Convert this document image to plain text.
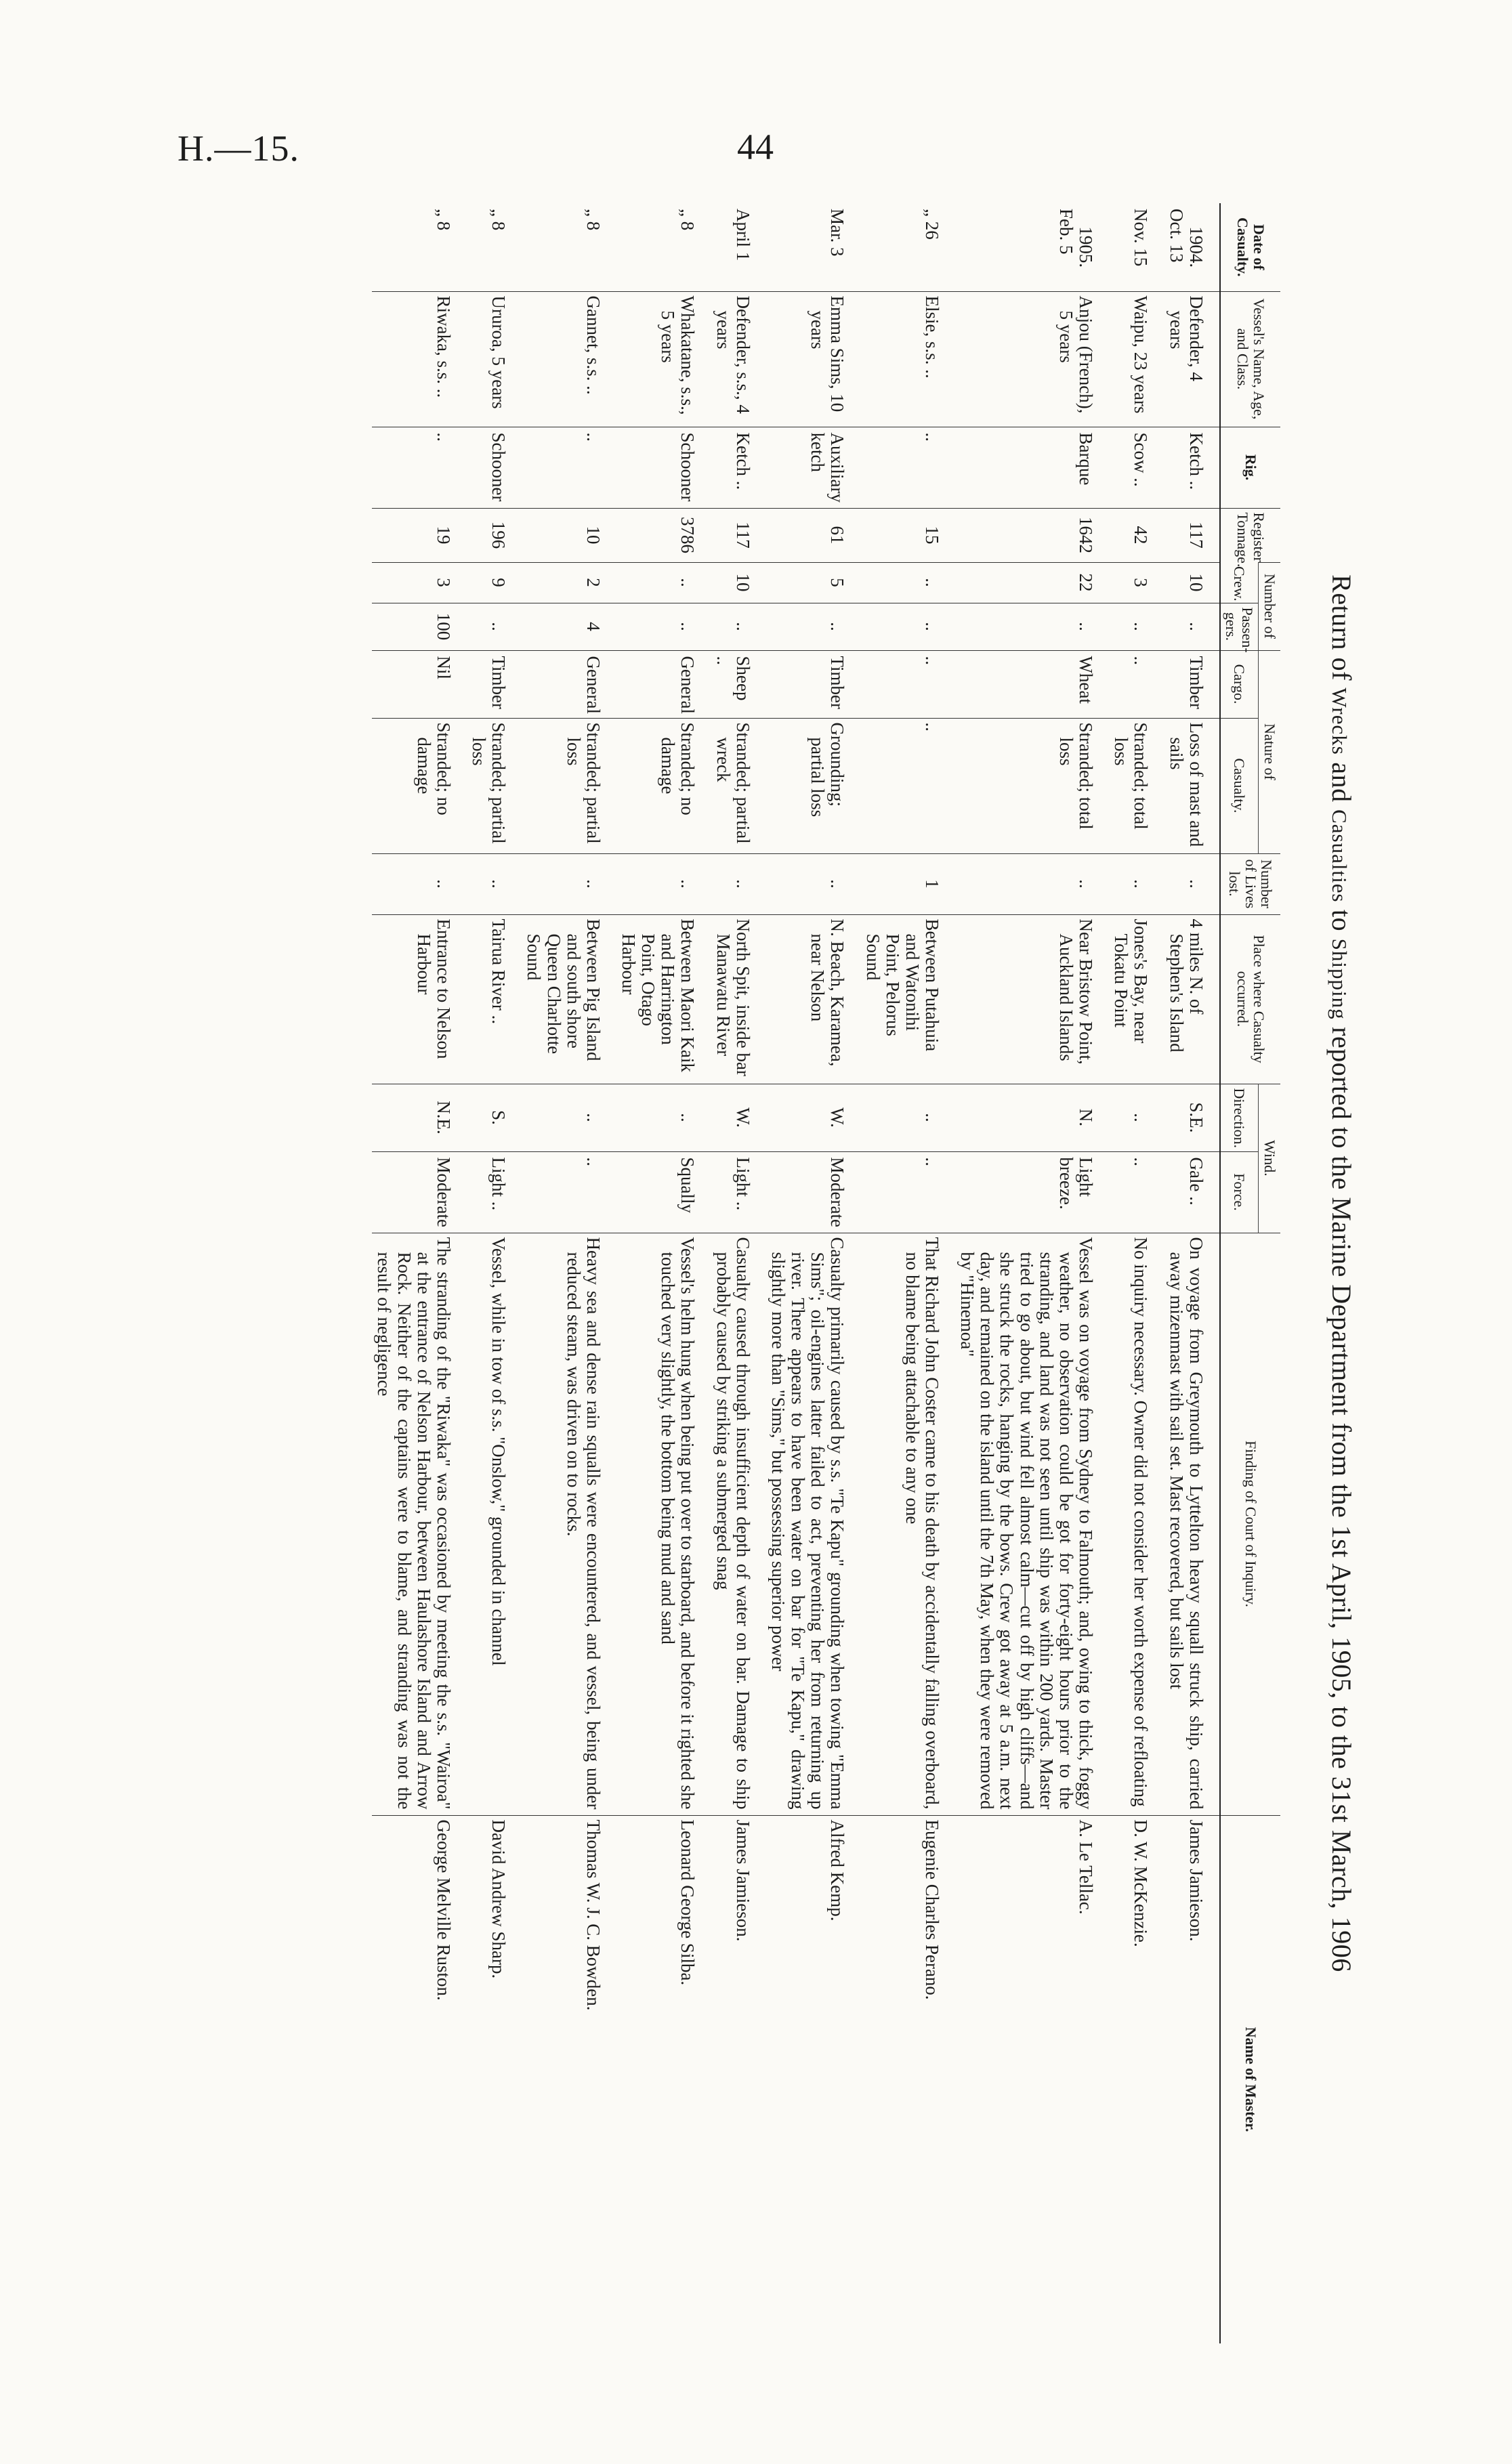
H.—15.	44
Return of Wrecks and Casualties to Shipping reported to the Marine Department from the 1st April, 1905, to the 31st March, 1906
Date of Casualty.	Vessel's Name, Age, and Class.	Rig.	Register Tonnage.	Number of		Nature of		Number of Lives lost.	Place where Casualty occurred.	Wind.		Finding of Court of Inquiry.	Name of Master.
				Crew.	Passen-gers.	Cargo.	Casualty.			Direction.	Force.		

1904.
Oct. 13	Defender, 4 years	Ketch ..	117	10	..	Timber	Loss of mast and sails	..	4 miles N. of Stephen's Island	S.E.	Gale ..	On voyage from Greymouth to Lyttelton heavy squall struck ship, carried away mizenmast with sail set. Mast recovered, but sails lost	James Jamieson.

Nov. 15	Waipu, 23 years	Scow ..	42	3	..	..	Stranded; total loss	..	Jones's Bay, near Tokatu Point	..	..	No inquiry necessary. Owner did not consider her worth expense of refloating	D. W. McKenzie.

1905.
Feb. 5	Anjou (French), 5 years	Barque	1642	22	..	Wheat	Stranded; total loss	..	Near Bristow Point, Auckland Islands	N.	Light breeze.	Vessel was on voyage from Sydney to Falmouth; and, owing to thick, foggy weather, no observation could be got for forty-eight hours prior to the stranding, and land was not seen until ship was within 200 yards. Master tried to go about, but wind fell almost calm—cut off by high cliffs—and she struck the rocks, hanging by the bows. Crew got away at 5 a.m. next day, and remained on the island until the 7th May, when they were removed by "Hinemoa"	A. Le Tellac.

„ 26	Elsie, s.s. ..	..	15	..	..	..	..	1	Between Putahuia and Watonihi Point, Pelorus Sound	..	..	That Richard John Coster came to his death by accidentally falling overboard, no blame being attachable to any one	Eugenie Charles Perano.

Mar. 3	Emma Sims, 10 years	Auxiliary ketch	61	5	..	Timber	Grounding; partial loss	..	N. Beach, Karamea, near Nelson	W.	Moderate	Casualty primarily caused by s.s. "Te Kapu" grounding when towing "Emma Sims"; oil-engines latter failed to act, preventing her from returning up river. There appears to have been water on bar for "Te Kapu," drawing slightly more than "Sims," but possessing superior power	Alfred Kemp.

April 1	Defender, s.s., 4 years	Ketch ..	117	10	..	Sheep ..	Stranded; partial wreck	..	North Spit, inside bar Manawatu River	W.	Light ..	Casualty caused through insufficient depth of water on bar. Damage to ship probably caused by striking a submerged snag	James Jamieson.

„ 8	Whakatane, s.s., 5 years	Schooner	3786	..	..	General	Stranded; no damage	..	Between Maori Kaik and Harrington Point, Otago Harbour	..	Squally	Vessel's helm hung when being put over to starboard, and before it righted she touched very slightly, the bottom being mud and sand	Leonard George Silba.

„ 8	Gannet, s.s. ..	..	10	2	4	General	Stranded; partial loss	..	Between Pig Island and south shore Queen Charlotte Sound	..	..	Heavy sea and dense rain squalls were encountered, and vessel, being under reduced steam, was driven on to rocks.	Thomas W. J. C. Bowden.

„ 8	Ururoa, 5 years	Schooner	196	9	..	Timber	Stranded; partial loss	..	Tairua River ..	S.	Light ..	Vessel, while in tow of s.s. "Onslow," grounded in channel	David Andrew Sharp.

„ 8	Riwaka, s.s. ..	..	19	3	100	Nil	Stranded; no damage	..	Entrance to Nelson Harbour	N.E.	Moderate	The stranding of the "Riwaka" was occasioned by meeting the s.s. "Wairoa" at the entrance of Nelson Harbour, between Haulashore Island and Arrow Rock. Neither of the captains were to blame, and stranding was not the result of negligence	George Melville Ruston.
